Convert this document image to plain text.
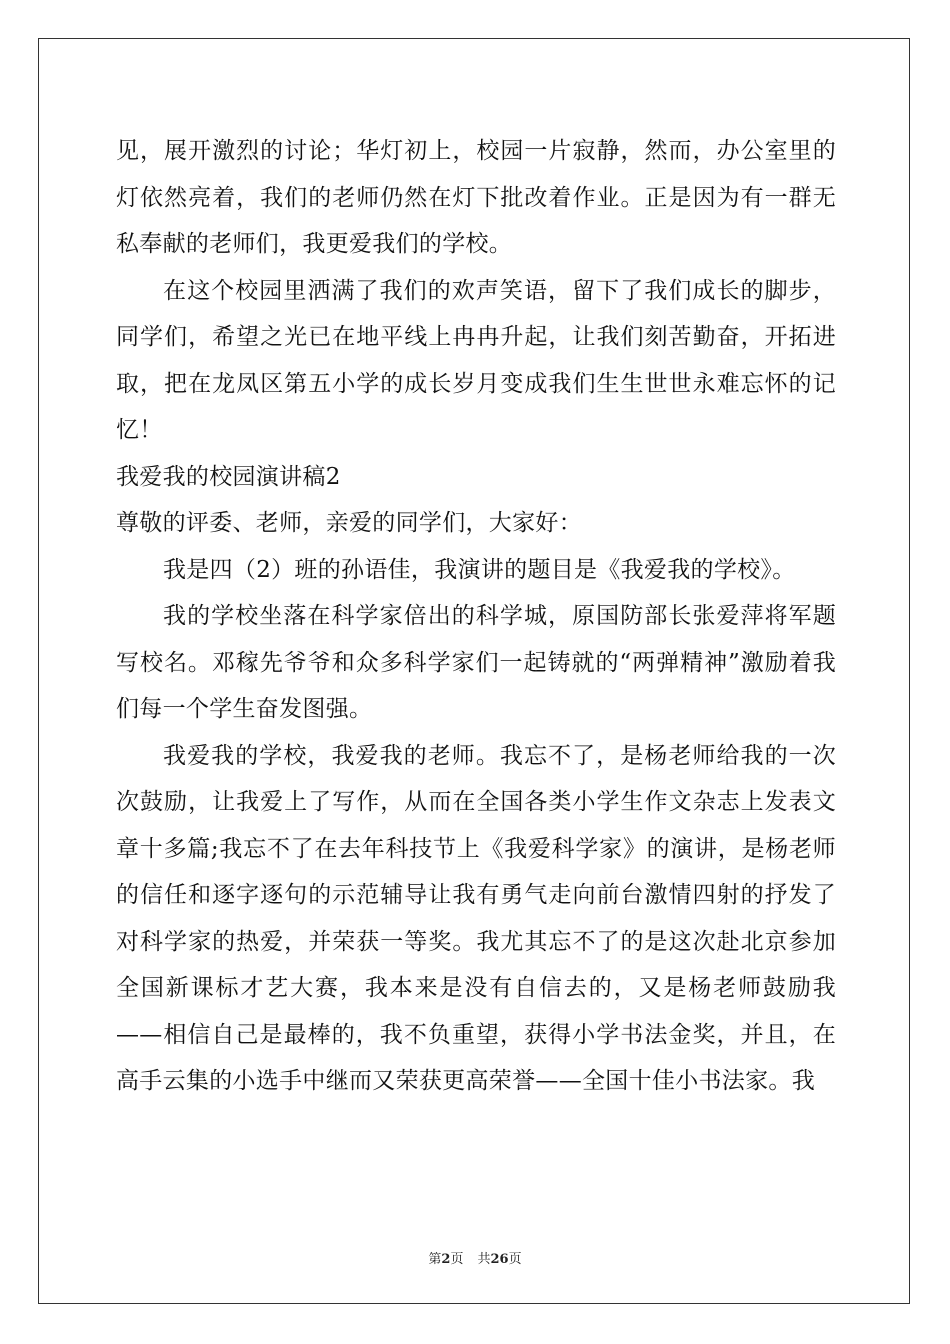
见，展开激烈的讨论；华灯初上，校园一片寂静，然而，办公室里的灯依然亮着，我们的老师仍然在灯下批改着作业。正是因为有一群无私奉献的老师们，我更爱我们的学校。

在这个校园里洒满了我们的欢声笑语，留下了我们成长的脚步，同学们，希望之光已在地平线上冉冉升起，让我们刻苦勤奋，开拓进取，把在龙凤区第五小学的成长岁月变成我们生生世世永难忘怀的记忆！

我爱我的校园演讲稿2

尊敬的评委、老师，亲爱的同学们，大家好：

我是四（2）班的孙语佳，我演讲的题目是《我爱我的学校》。

我的学校坐落在科学家倍出的科学城，原国防部长张爱萍将军题写校名。邓稼先爷爷和众多科学家们一起铸就的“两弹精神”激励着我们每一个学生奋发图强。

我爱我的学校，我爱我的老师。我忘不了，是杨老师给我的一次次鼓励，让我爱上了写作，从而在全国各类小学生作文杂志上发表文章十多篇;我忘不了在去年科技节上《我爱科学家》的演讲，是杨老师的信任和逐字逐句的示范辅导让我有勇气走向前台激情四射的抒发了对科学家的热爱，并荣获一等奖。我尤其忘不了的是这次赴北京参加全国新课标才艺大赛，我本来是没有自信去的，又是杨老师鼓励我——相信自己是最棒的，我不负重望，获得小学书法金奖，并且，在高手云集的小选手中继而又荣获更高荣誉——全国十佳小书法家。我

第2页 共26页
